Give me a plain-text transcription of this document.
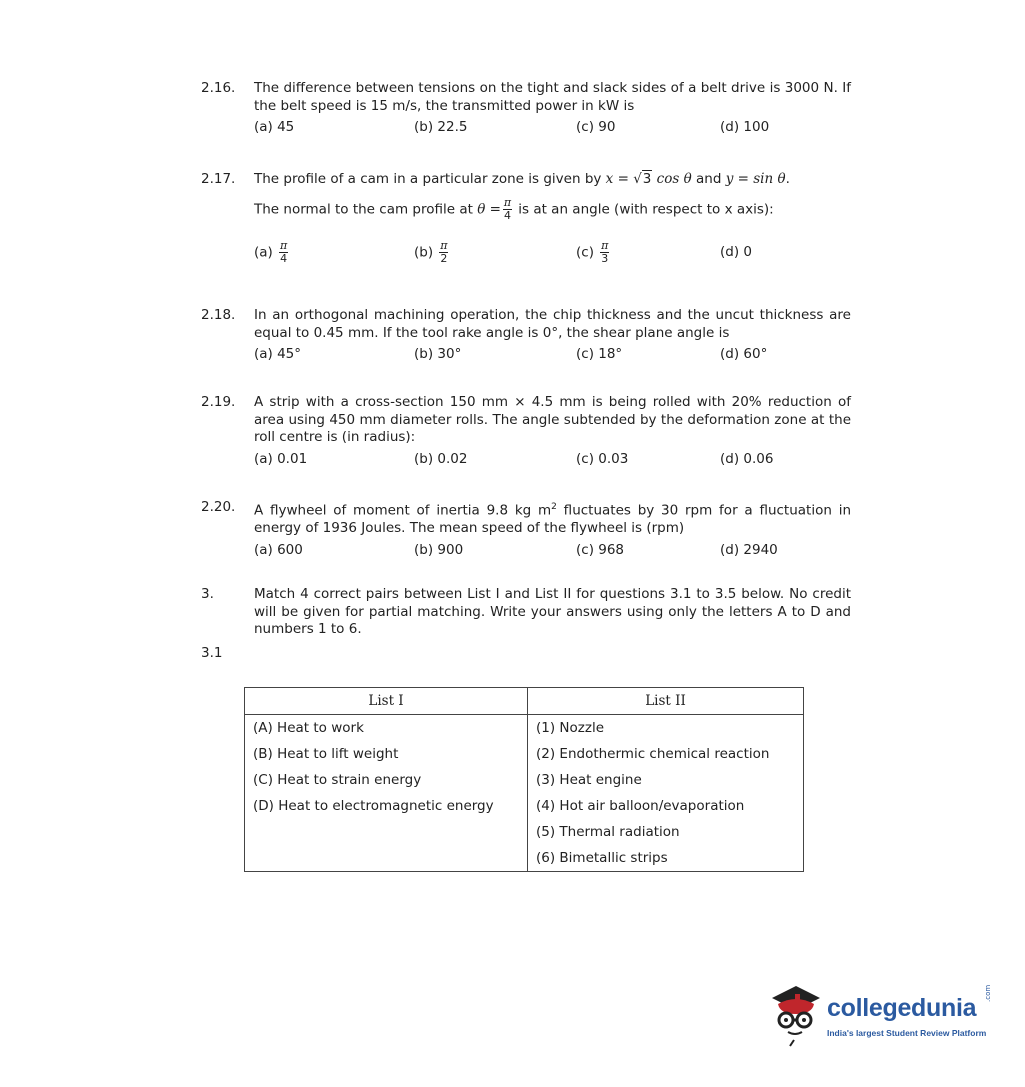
2.16.	The difference between tensions on the tight and slack sides of a belt drive is 3000 N. If the belt speed is 15 m/s, the transmitted power in kW is
(a) 45	(b) 22.5	(c) 90	(d) 100
2.17.	The profile of a cam in a particular zone is given by x = √3 cos θ and y = sin θ.
The normal to the cam profile at $\theta = \frac{\pi}{4}$ is at an angle (with respect to x axis):
$(a) \frac{\pi}{4}$	$(b) \frac{\pi}{2}$	$(c) \frac{\pi}{3}$	(d) 0
2.18.	In an orthogonal machining operation, the chip thickness and the uncut thickness are equal to 0.45 mm. If the tool rake angle is 0°, the shear plane angle is
(a) 45°	(b) 30°	(c) 18°	(d) 60°
2.19.	A strip with a cross-section 150 mm × 4.5 mm is being rolled with 20% reduction of area using 450 mm diameter rolls. The angle subtended by the deformation zone at the roll centre is (in radius):
(a) 0.01	(b) 0.02	(c) 0.03	(d) 0.06
2.20.	A flywheel of moment of inertia 9.8 kg $m^2$ fluctuates by 30 rpm for a fluctuation in energy of 1936 Joules. The mean speed of the flywheel is (rpm)
(a) 600	(b) 900	(c) 968	(d) 2940
3.	Match 4 correct pairs between List I and List II for questions 3.1 to 3.5 below. No credit will be given for partial matching. Write your answers using only the letters A to D and numbers 1 to 6.
3.1
List I	List II
(A) Heat to work	(1) Nozzle
(B) Heat to lift weight	(2) Endothermic chemical reaction
(C) Heat to strain energy	(3) Heat engine
(D) Heat to electromagnetic energy	(4) Hot air balloon/evaporation
	(5) Thermal radiation
	(6) Bimetallic strips
collegedunia
.com
India's largest Student Review Platform
